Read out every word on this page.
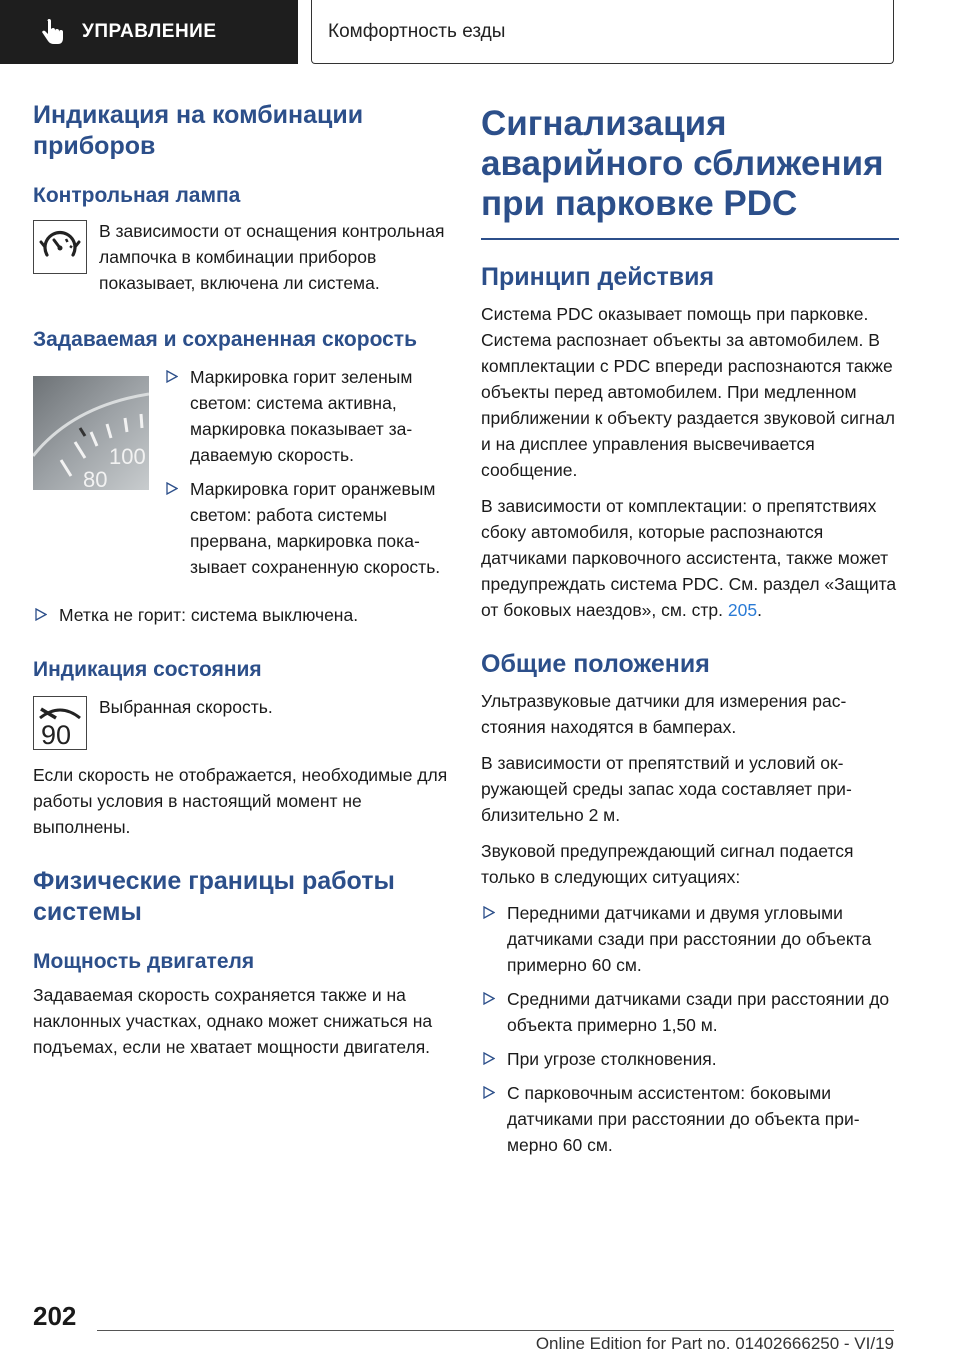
УПРАВЛЕНИЕ	Комфортность езды
Индикация на комбинации приборов
Контрольная лампа

В зависимости от оснащения контрольная лампочка в комбинации приборов показывает, включена ли система.

Задаваемая и сохраненная скорость
100
80
Маркировка горит зеленым светом: система активна, маркировка показывает задаваемую скорость.
Маркировка горит оранжевым светом: работа системы прервана, маркировка показывает сохраненную скорость.
Метка не горит: система выключена.
Индикация состояния
90

Выбранная скорость.

Если скорость не отображается, необходимые для работы условия в настоящий момент не выполнены.

Физические границы работы системы
Мощность двигателя

Задаваемая скорость сохраняется также и на наклонных участках, однако может снижаться на подъемах, если не хватает мощности двигателя.

Сигнализация аварийного сближения при парковке PDC
Принцип действия

Система PDC оказывает помощь при парковке. Система распознает объекты за автомобилем. В комплектации с PDC впереди распознаются также объекты перед автомобилем. При медленном приближении к объекту раздается звуковой сигнал и на дисплее управления высвечивается сообщение.

В зависимости от комплектации: о препятствиях сбоку автомобиля, которые распознаются датчиками парковочного ассистента, также может предупреждать система PDC. См. раздел «Защита от боковых наездов», см. стр. 205.

Общие положения

Ультразвуковые датчики для измерения расстояния находятся в бамперах.

В зависимости от препятствий и условий окружающей среды запас хода составляет приблизительно 2 м.

Звуковой предупреждающий сигнал подается только в следующих ситуациях:

Передними датчиками и двумя угловыми датчиками сзади при расстоянии до объекта примерно 60 см.
Средними датчиками сзади при расстоянии до объекта примерно 1,50 м.
При угрозе столкновения.
С парковочным ассистентом: боковыми датчиками при расстоянии до объекта примерно 60 см.
202
Online Edition for Part no. 01402666250 - VI/19
